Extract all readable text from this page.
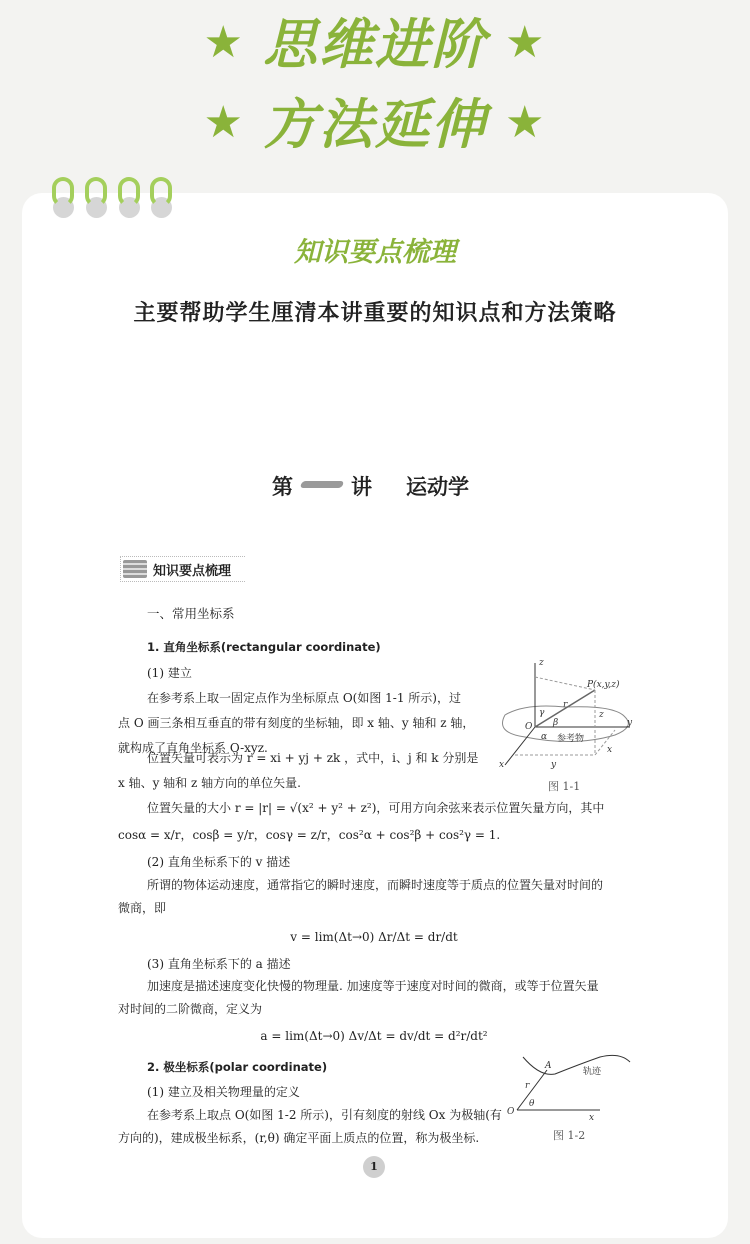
★ 思维进阶 ★
★ 方法延伸 ★
知识要点梳理
主要帮助学生厘清本讲重要的知识点和方法策略
第	讲 运动学
知识要点梳理
一、常用坐标系
1. 直角坐标系(rectangular coordinate)
(1) 建立
在参考系上取一固定点作为坐标原点 O(如图 1-1 所示)，过
点 O 画三条相互垂直的带有刻度的坐标轴，即 x 轴、y 轴和 z 轴，
就构成了直角坐标系 O-xyz.
位置矢量可表示为 r = xi + yj + zk ，式中，i、j 和 k 分别是
x 轴、y 轴和 z 轴方向的单位矢量.
位置矢量的大小 r = |r| = √(x² + y² + z²)，可用方向余弦来表示位置矢量方向，其中
cosα = x/r，cosβ = y/r，cosγ = z/r，cos²α + cos²β + cos²γ = 1.
(2) 直角坐标系下的 v 描述
所谓的物体运动速度，通常指它的瞬时速度，而瞬时速度等于质点的位置矢量对时间的
微商，即
v = lim(Δt→0) Δr/Δt = dr/dt
(3) 直角坐标系下的 a 描述
加速度是描述速度变化快慢的物理量. 加速度等于速度对时间的微商，或等于位置矢量
对时间的二阶微商，定义为
a = lim(Δt→0) Δv/Δt = dv/dt = d²r/dt²
2. 极坐标系(polar coordinate)
(1) 建立及相关物理量的定义
在参考系上取点 O(如图 1-2 所示)，引有刻度的射线 Ox 为极轴(有
方向的)，建成极坐标系，(r,θ) 确定平面上质点的位置，称为极坐标.
z
P(x,y,z)
r
γ
β
α
O	y
x
z
x
y
参考物
图 1-1
A
轨迹
r
θ
O
x
图 1-2
1
